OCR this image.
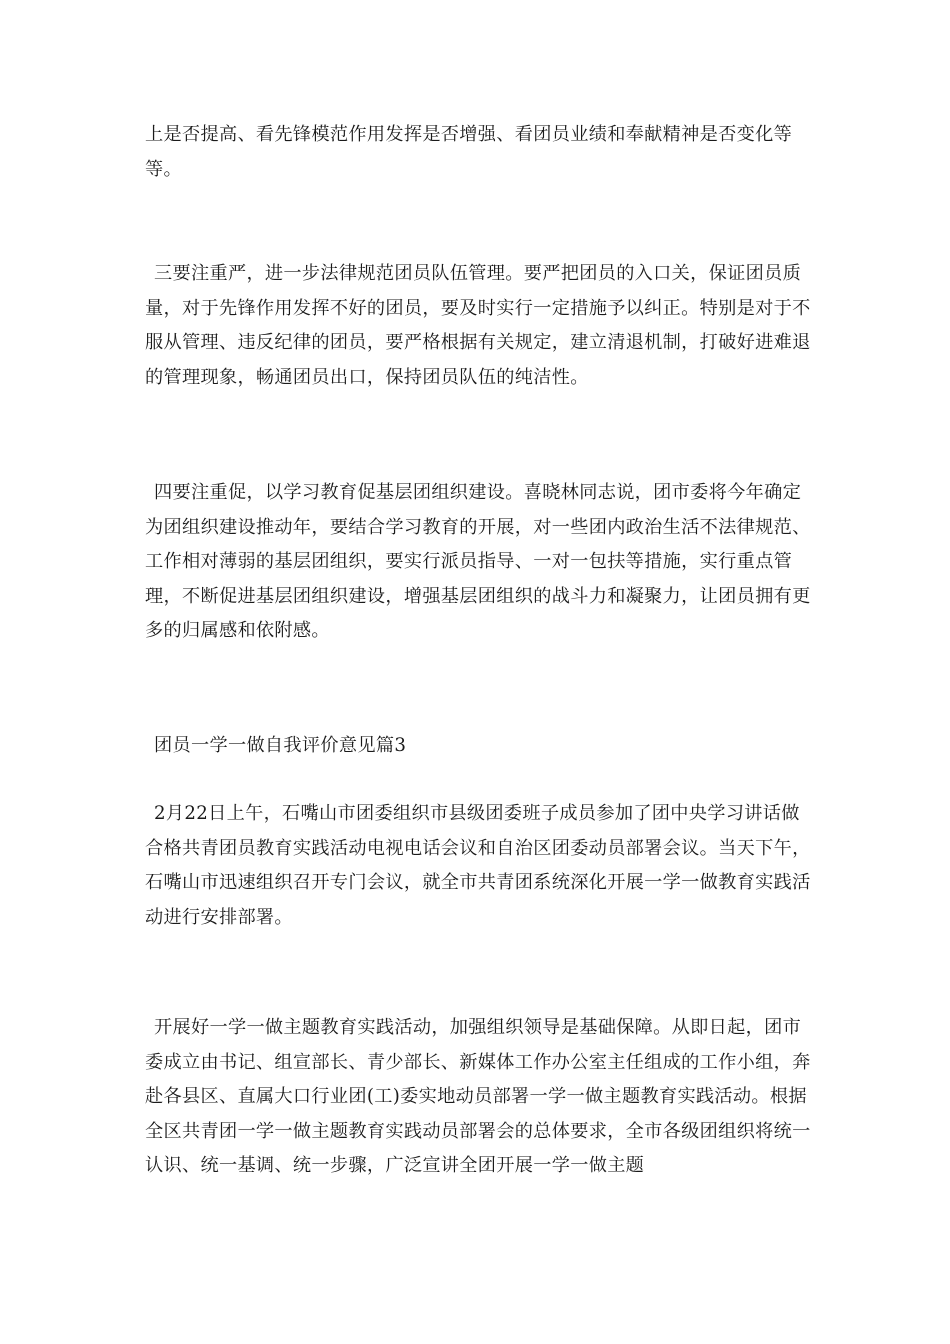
上是否提高、看先锋模范作用发挥是否增强、看团员业绩和奉献精神是否变化等等。

三要注重严，进一步法律规范团员队伍管理。要严把团员的入口关，保证团员质量，对于先锋作用发挥不好的团员，要及时实行一定措施予以纠正。特别是对于不服从管理、违反纪律的团员，要严格根据有关规定，建立清退机制，打破好进难退的管理现象，畅通团员出口，保持团员队伍的纯洁性。

四要注重促，以学习教育促基层团组织建设。喜晓林同志说，团市委将今年确定为团组织建设推动年，要结合学习教育的开展，对一些团内政治生活不法律规范、工作相对薄弱的基层团组织，要实行派员指导、一对一包扶等措施，实行重点管理，不断促进基层团组织建设，增强基层团组织的战斗力和凝聚力，让团员拥有更多的归属感和依附感。

团员一学一做自我评价意见篇3

2月22日上午，石嘴山市团委组织市县级团委班子成员参加了团中央学习讲话做合格共青团员教育实践活动电视电话会议和自治区团委动员部署会议。当天下午，石嘴山市迅速组织召开专门会议，就全市共青团系统深化开展一学一做教育实践活动进行安排部署。

开展好一学一做主题教育实践活动，加强组织领导是基础保障。从即日起，团市委成立由书记、组宣部长、青少部长、新媒体工作办公室主任组成的工作小组，奔赴各县区、直属大口行业团(工)委实地动员部署一学一做主题教育实践活动。根据全区共青团一学一做主题教育实践动员部署会的总体要求，全市各级团组织将统一认识、统一基调、统一步骤，广泛宣讲全团开展一学一做主题
